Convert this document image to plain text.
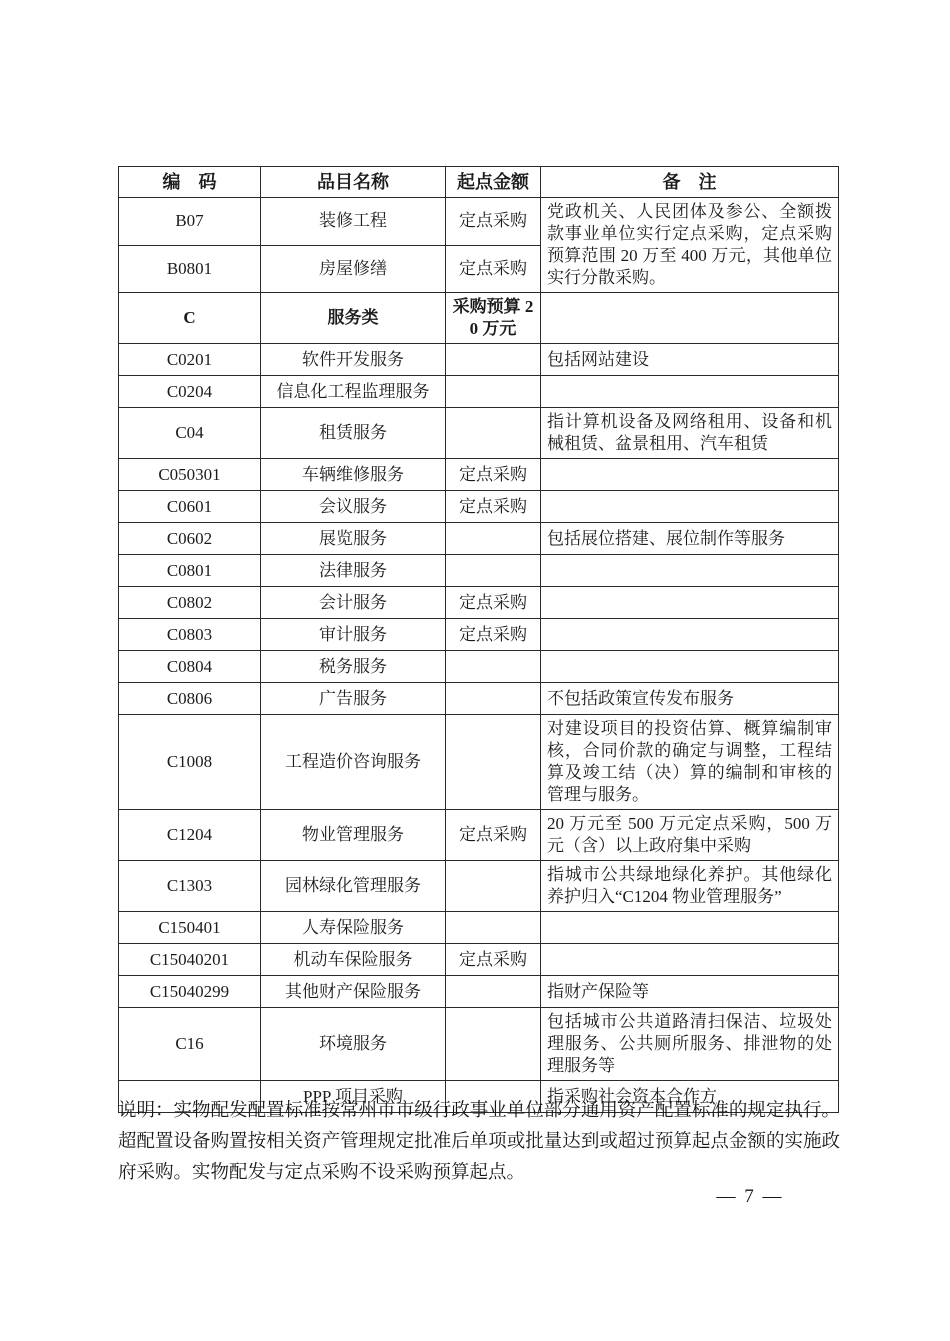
编　码	品目名称	起点金额	备　注
B07	装修工程	定点采购	党政机关、人民团体及参公、全额拨款事业单位实行定点采购，定点采购预算范围 20 万至 400 万元，其他单位实行分散采购。
B0801	房屋修缮	定点采购	
C	服务类	采购预算 20 万元	
C0201	软件开发服务		包括网站建设
C0204	信息化工程监理服务		
C04	租赁服务		指计算机设备及网络租用、设备和机械租赁、盆景租用、汽车租赁
C050301	车辆维修服务	定点采购	
C0601	会议服务	定点采购	
C0602	展览服务		包括展位搭建、展位制作等服务
C0801	法律服务		
C0802	会计服务	定点采购	
C0803	审计服务	定点采购	
C0804	税务服务		
C0806	广告服务		不包括政策宣传发布服务
C1008	工程造价咨询服务		对建设项目的投资估算、概算编制审核，合同价款的确定与调整，工程结算及竣工结（决）算的编制和审核的管理与服务。
C1204	物业管理服务	定点采购	20 万元至 500 万元定点采购，500 万元（含）以上政府集中采购
C1303	园林绿化管理服务		指城市公共绿地绿化养护。其他绿化养护归入“C1204 物业管理服务”
C150401	人寿保险服务		
C15040201	机动车保险服务	定点采购	
C15040299	其他财产保险服务		指财产保险等
C16	环境服务		包括城市公共道路清扫保洁、垃圾处理服务、公共厕所服务、排泄物的处理服务等
	PPP 项目采购		指采购社会资本合作方
说明：实物配发配置标准按常州市市级行政事业单位部分通用资产配置标准的规定执行。超配置设备购置按相关资产管理规定批准后单项或批量达到或超过预算起点金额的实施政府采购。实物配发与定点采购不设采购预算起点。
— 7 —
